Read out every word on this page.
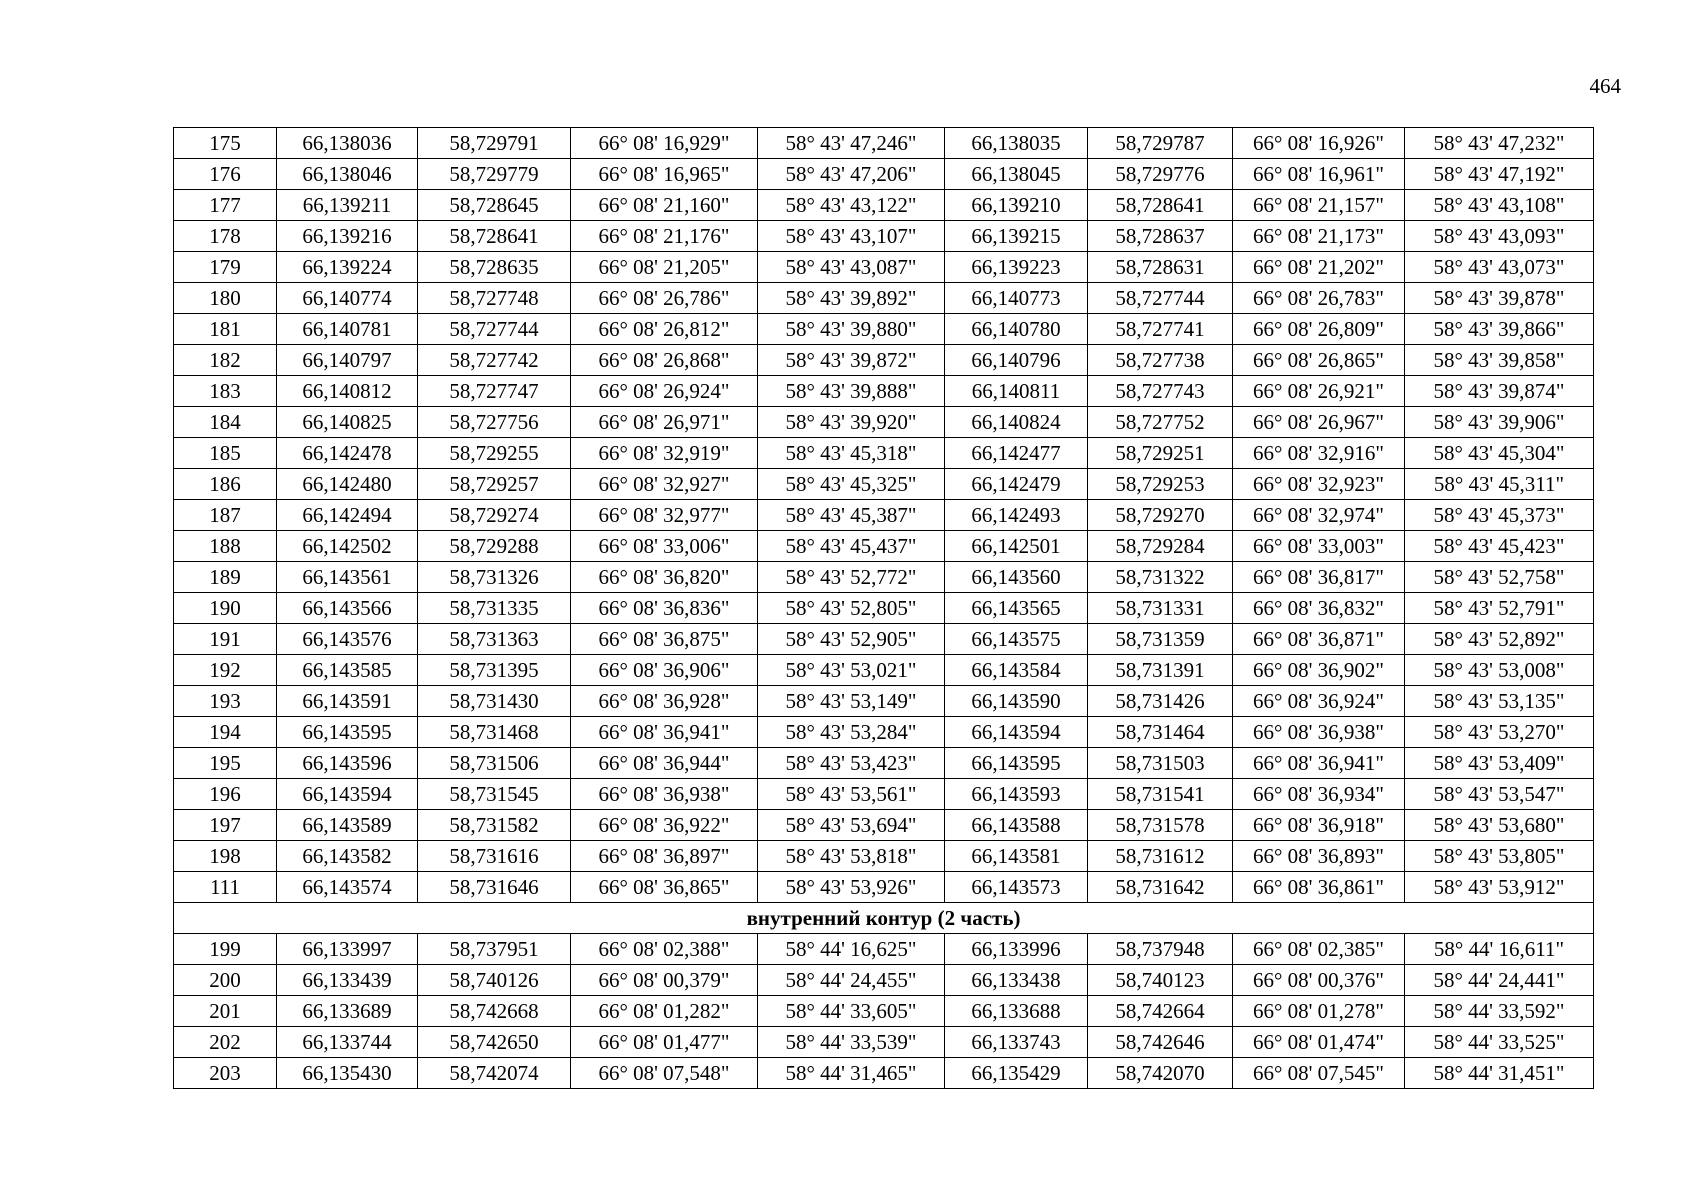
464
175	66,138036	58,729791	66° 08' 16,929"	58° 43' 47,246"	66,138035	58,729787	66° 08' 16,926"	58° 43' 47,232"
176	66,138046	58,729779	66° 08' 16,965"	58° 43' 47,206"	66,138045	58,729776	66° 08' 16,961"	58° 43' 47,192"
177	66,139211	58,728645	66° 08' 21,160"	58° 43' 43,122"	66,139210	58,728641	66° 08' 21,157"	58° 43' 43,108"
178	66,139216	58,728641	66° 08' 21,176"	58° 43' 43,107"	66,139215	58,728637	66° 08' 21,173"	58° 43' 43,093"
179	66,139224	58,728635	66° 08' 21,205"	58° 43' 43,087"	66,139223	58,728631	66° 08' 21,202"	58° 43' 43,073"
180	66,140774	58,727748	66° 08' 26,786"	58° 43' 39,892"	66,140773	58,727744	66° 08' 26,783"	58° 43' 39,878"
181	66,140781	58,727744	66° 08' 26,812"	58° 43' 39,880"	66,140780	58,727741	66° 08' 26,809"	58° 43' 39,866"
182	66,140797	58,727742	66° 08' 26,868"	58° 43' 39,872"	66,140796	58,727738	66° 08' 26,865"	58° 43' 39,858"
183	66,140812	58,727747	66° 08' 26,924"	58° 43' 39,888"	66,140811	58,727743	66° 08' 26,921"	58° 43' 39,874"
184	66,140825	58,727756	66° 08' 26,971"	58° 43' 39,920"	66,140824	58,727752	66° 08' 26,967"	58° 43' 39,906"
185	66,142478	58,729255	66° 08' 32,919"	58° 43' 45,318"	66,142477	58,729251	66° 08' 32,916"	58° 43' 45,304"
186	66,142480	58,729257	66° 08' 32,927"	58° 43' 45,325"	66,142479	58,729253	66° 08' 32,923"	58° 43' 45,311"
187	66,142494	58,729274	66° 08' 32,977"	58° 43' 45,387"	66,142493	58,729270	66° 08' 32,974"	58° 43' 45,373"
188	66,142502	58,729288	66° 08' 33,006"	58° 43' 45,437"	66,142501	58,729284	66° 08' 33,003"	58° 43' 45,423"
189	66,143561	58,731326	66° 08' 36,820"	58° 43' 52,772"	66,143560	58,731322	66° 08' 36,817"	58° 43' 52,758"
190	66,143566	58,731335	66° 08' 36,836"	58° 43' 52,805"	66,143565	58,731331	66° 08' 36,832"	58° 43' 52,791"
191	66,143576	58,731363	66° 08' 36,875"	58° 43' 52,905"	66,143575	58,731359	66° 08' 36,871"	58° 43' 52,892"
192	66,143585	58,731395	66° 08' 36,906"	58° 43' 53,021"	66,143584	58,731391	66° 08' 36,902"	58° 43' 53,008"
193	66,143591	58,731430	66° 08' 36,928"	58° 43' 53,149"	66,143590	58,731426	66° 08' 36,924"	58° 43' 53,135"
194	66,143595	58,731468	66° 08' 36,941"	58° 43' 53,284"	66,143594	58,731464	66° 08' 36,938"	58° 43' 53,270"
195	66,143596	58,731506	66° 08' 36,944"	58° 43' 53,423"	66,143595	58,731503	66° 08' 36,941"	58° 43' 53,409"
196	66,143594	58,731545	66° 08' 36,938"	58° 43' 53,561"	66,143593	58,731541	66° 08' 36,934"	58° 43' 53,547"
197	66,143589	58,731582	66° 08' 36,922"	58° 43' 53,694"	66,143588	58,731578	66° 08' 36,918"	58° 43' 53,680"
198	66,143582	58,731616	66° 08' 36,897"	58° 43' 53,818"	66,143581	58,731612	66° 08' 36,893"	58° 43' 53,805"
111	66,143574	58,731646	66° 08' 36,865"	58° 43' 53,926"	66,143573	58,731642	66° 08' 36,861"	58° 43' 53,912"
внутренний контур (2 часть)								
199	66,133997	58,737951	66° 08' 02,388"	58° 44' 16,625"	66,133996	58,737948	66° 08' 02,385"	58° 44' 16,611"
200	66,133439	58,740126	66° 08' 00,379"	58° 44' 24,455"	66,133438	58,740123	66° 08' 00,376"	58° 44' 24,441"
201	66,133689	58,742668	66° 08' 01,282"	58° 44' 33,605"	66,133688	58,742664	66° 08' 01,278"	58° 44' 33,592"
202	66,133744	58,742650	66° 08' 01,477"	58° 44' 33,539"	66,133743	58,742646	66° 08' 01,474"	58° 44' 33,525"
203	66,135430	58,742074	66° 08' 07,548"	58° 44' 31,465"	66,135429	58,742070	66° 08' 07,545"	58° 44' 31,451"
